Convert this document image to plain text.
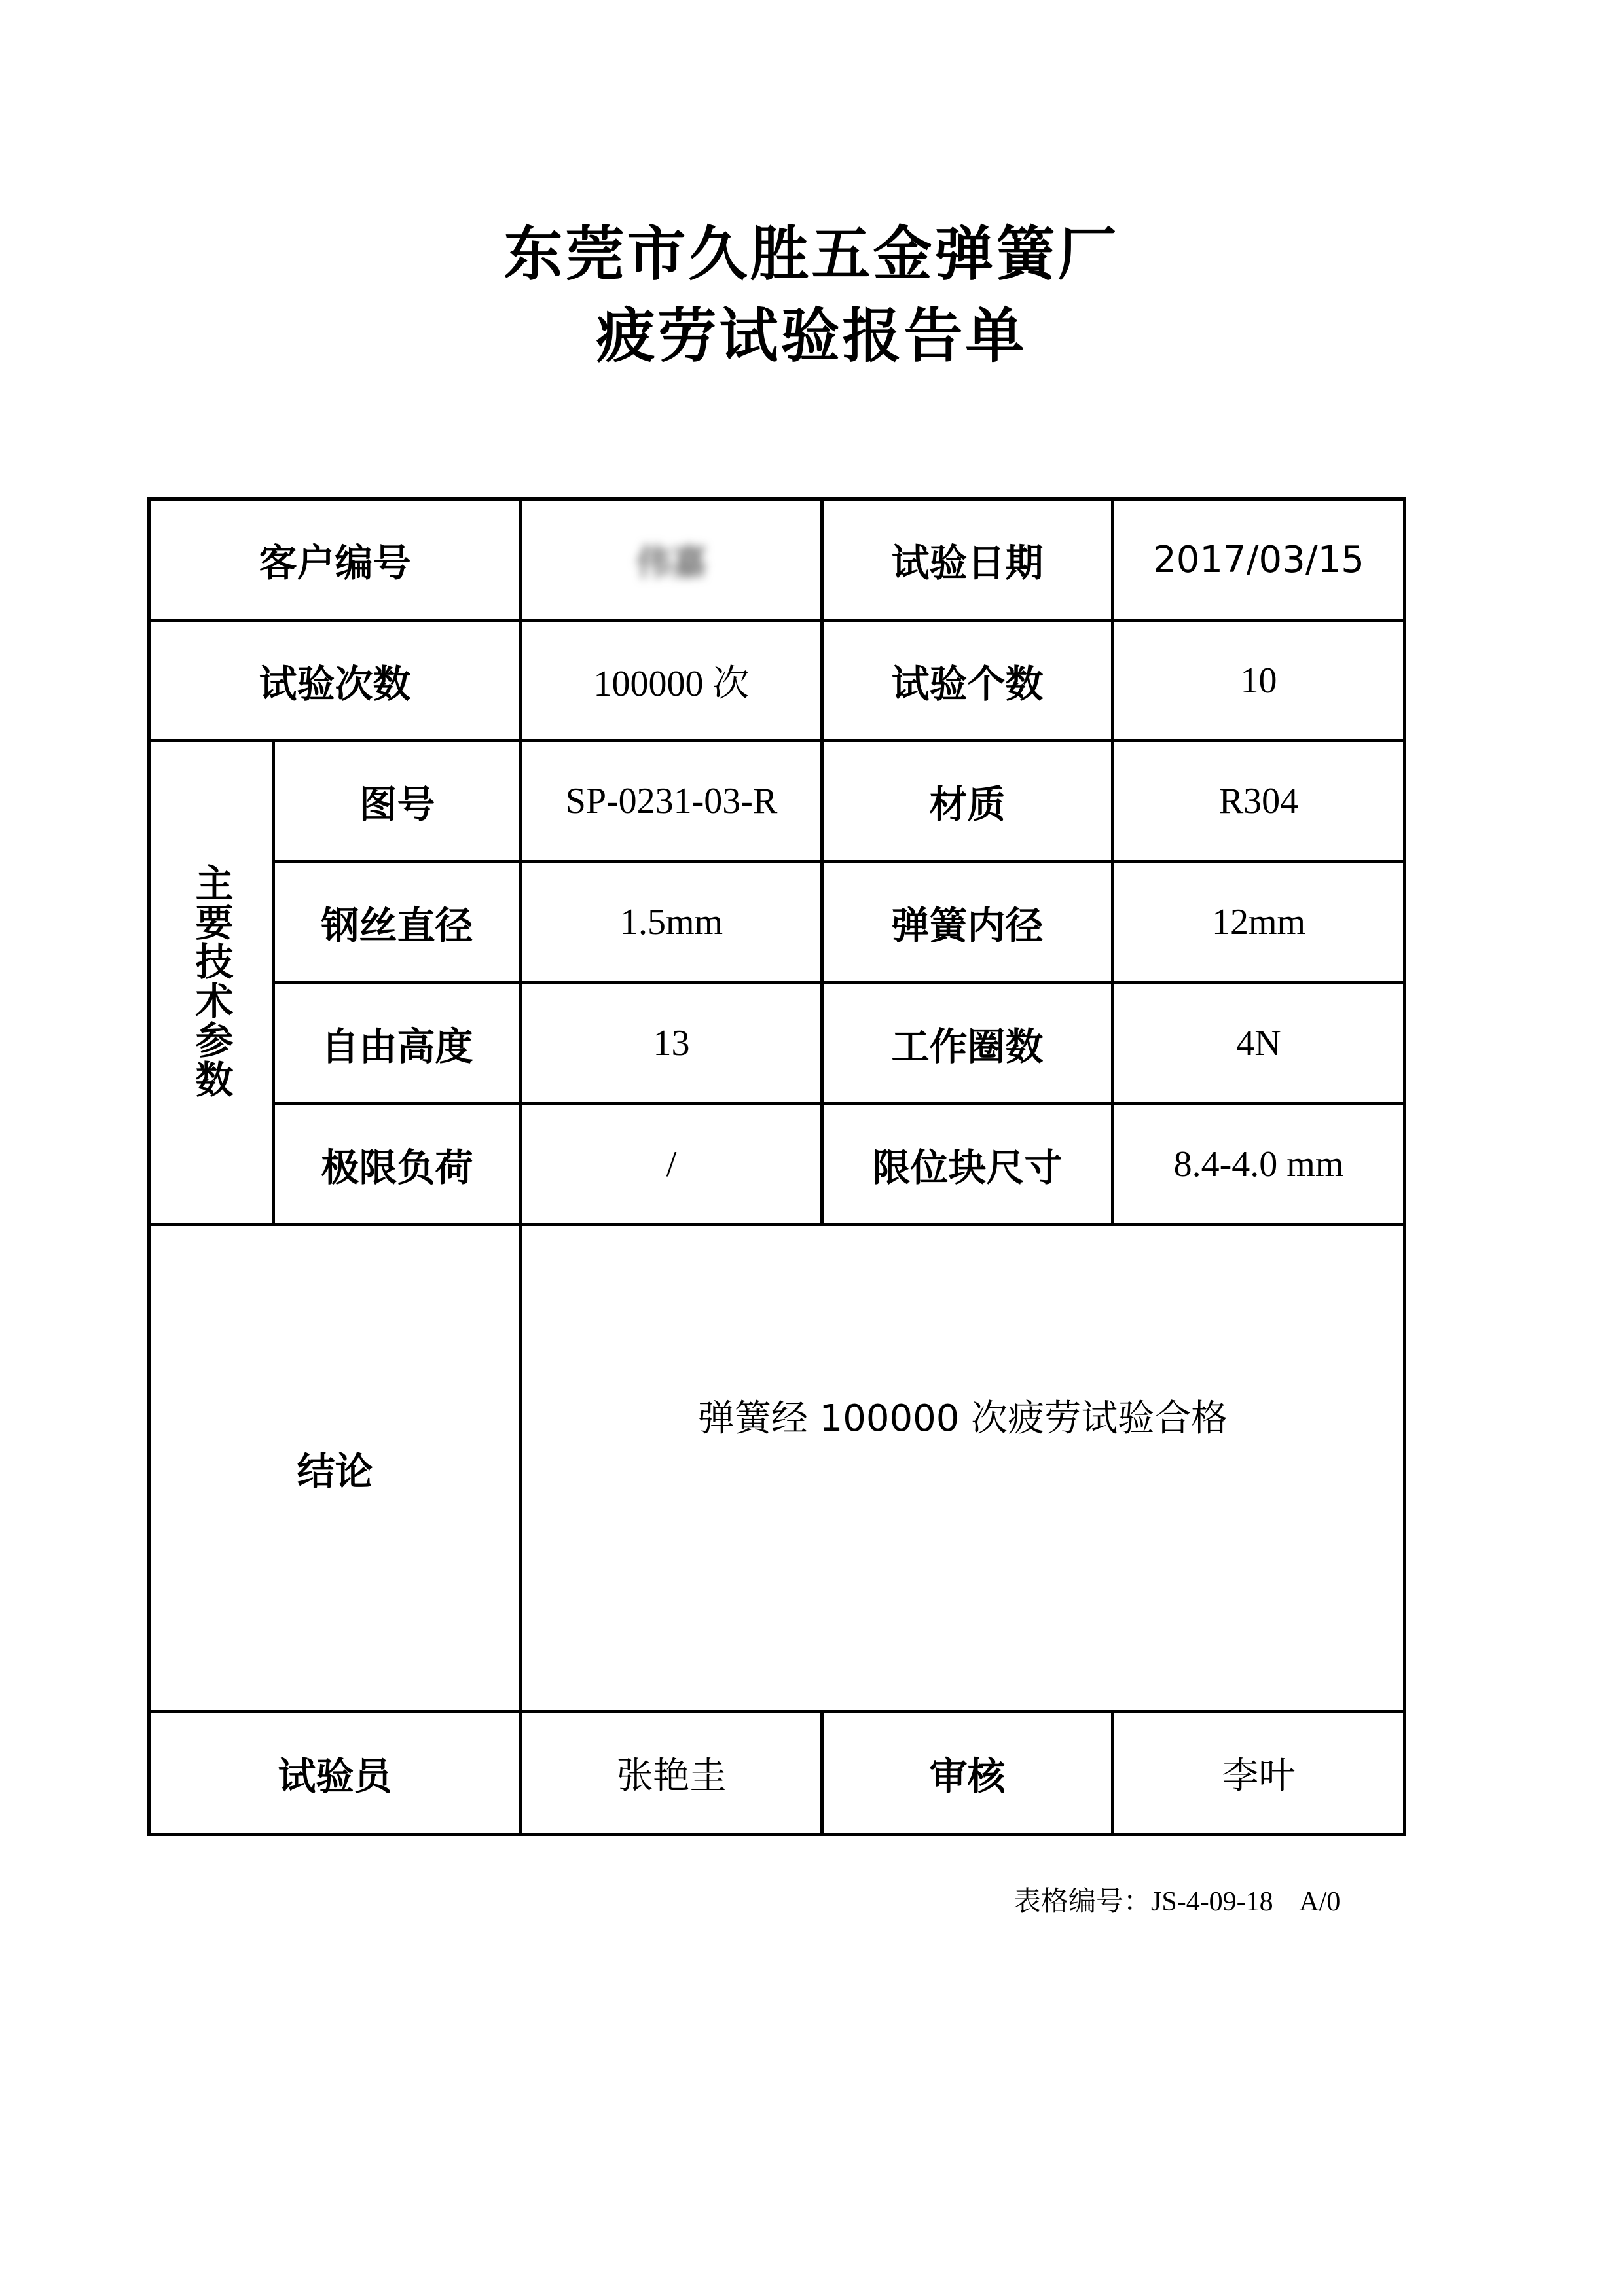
东莞市久胜五金弹簧厂
疲劳试验报告单
客户编号		伟嘉	试验日期	2017/03/15
试验次数		100000 次	试验个数	10
主要技术参数	图号	SP-0231-03-R	材质	R304
	钢丝直径	1.5mm	弹簧内径	12mm
	自由高度	13	工作圈数	4N
	极限负荷	/	限位块尺寸	8.4-4.0 mm
结论		弹簧经 100000 次疲劳试验合格		
试验员		张艳圭	审核	李叶
表格编号：JS-4-09-18    A/0
